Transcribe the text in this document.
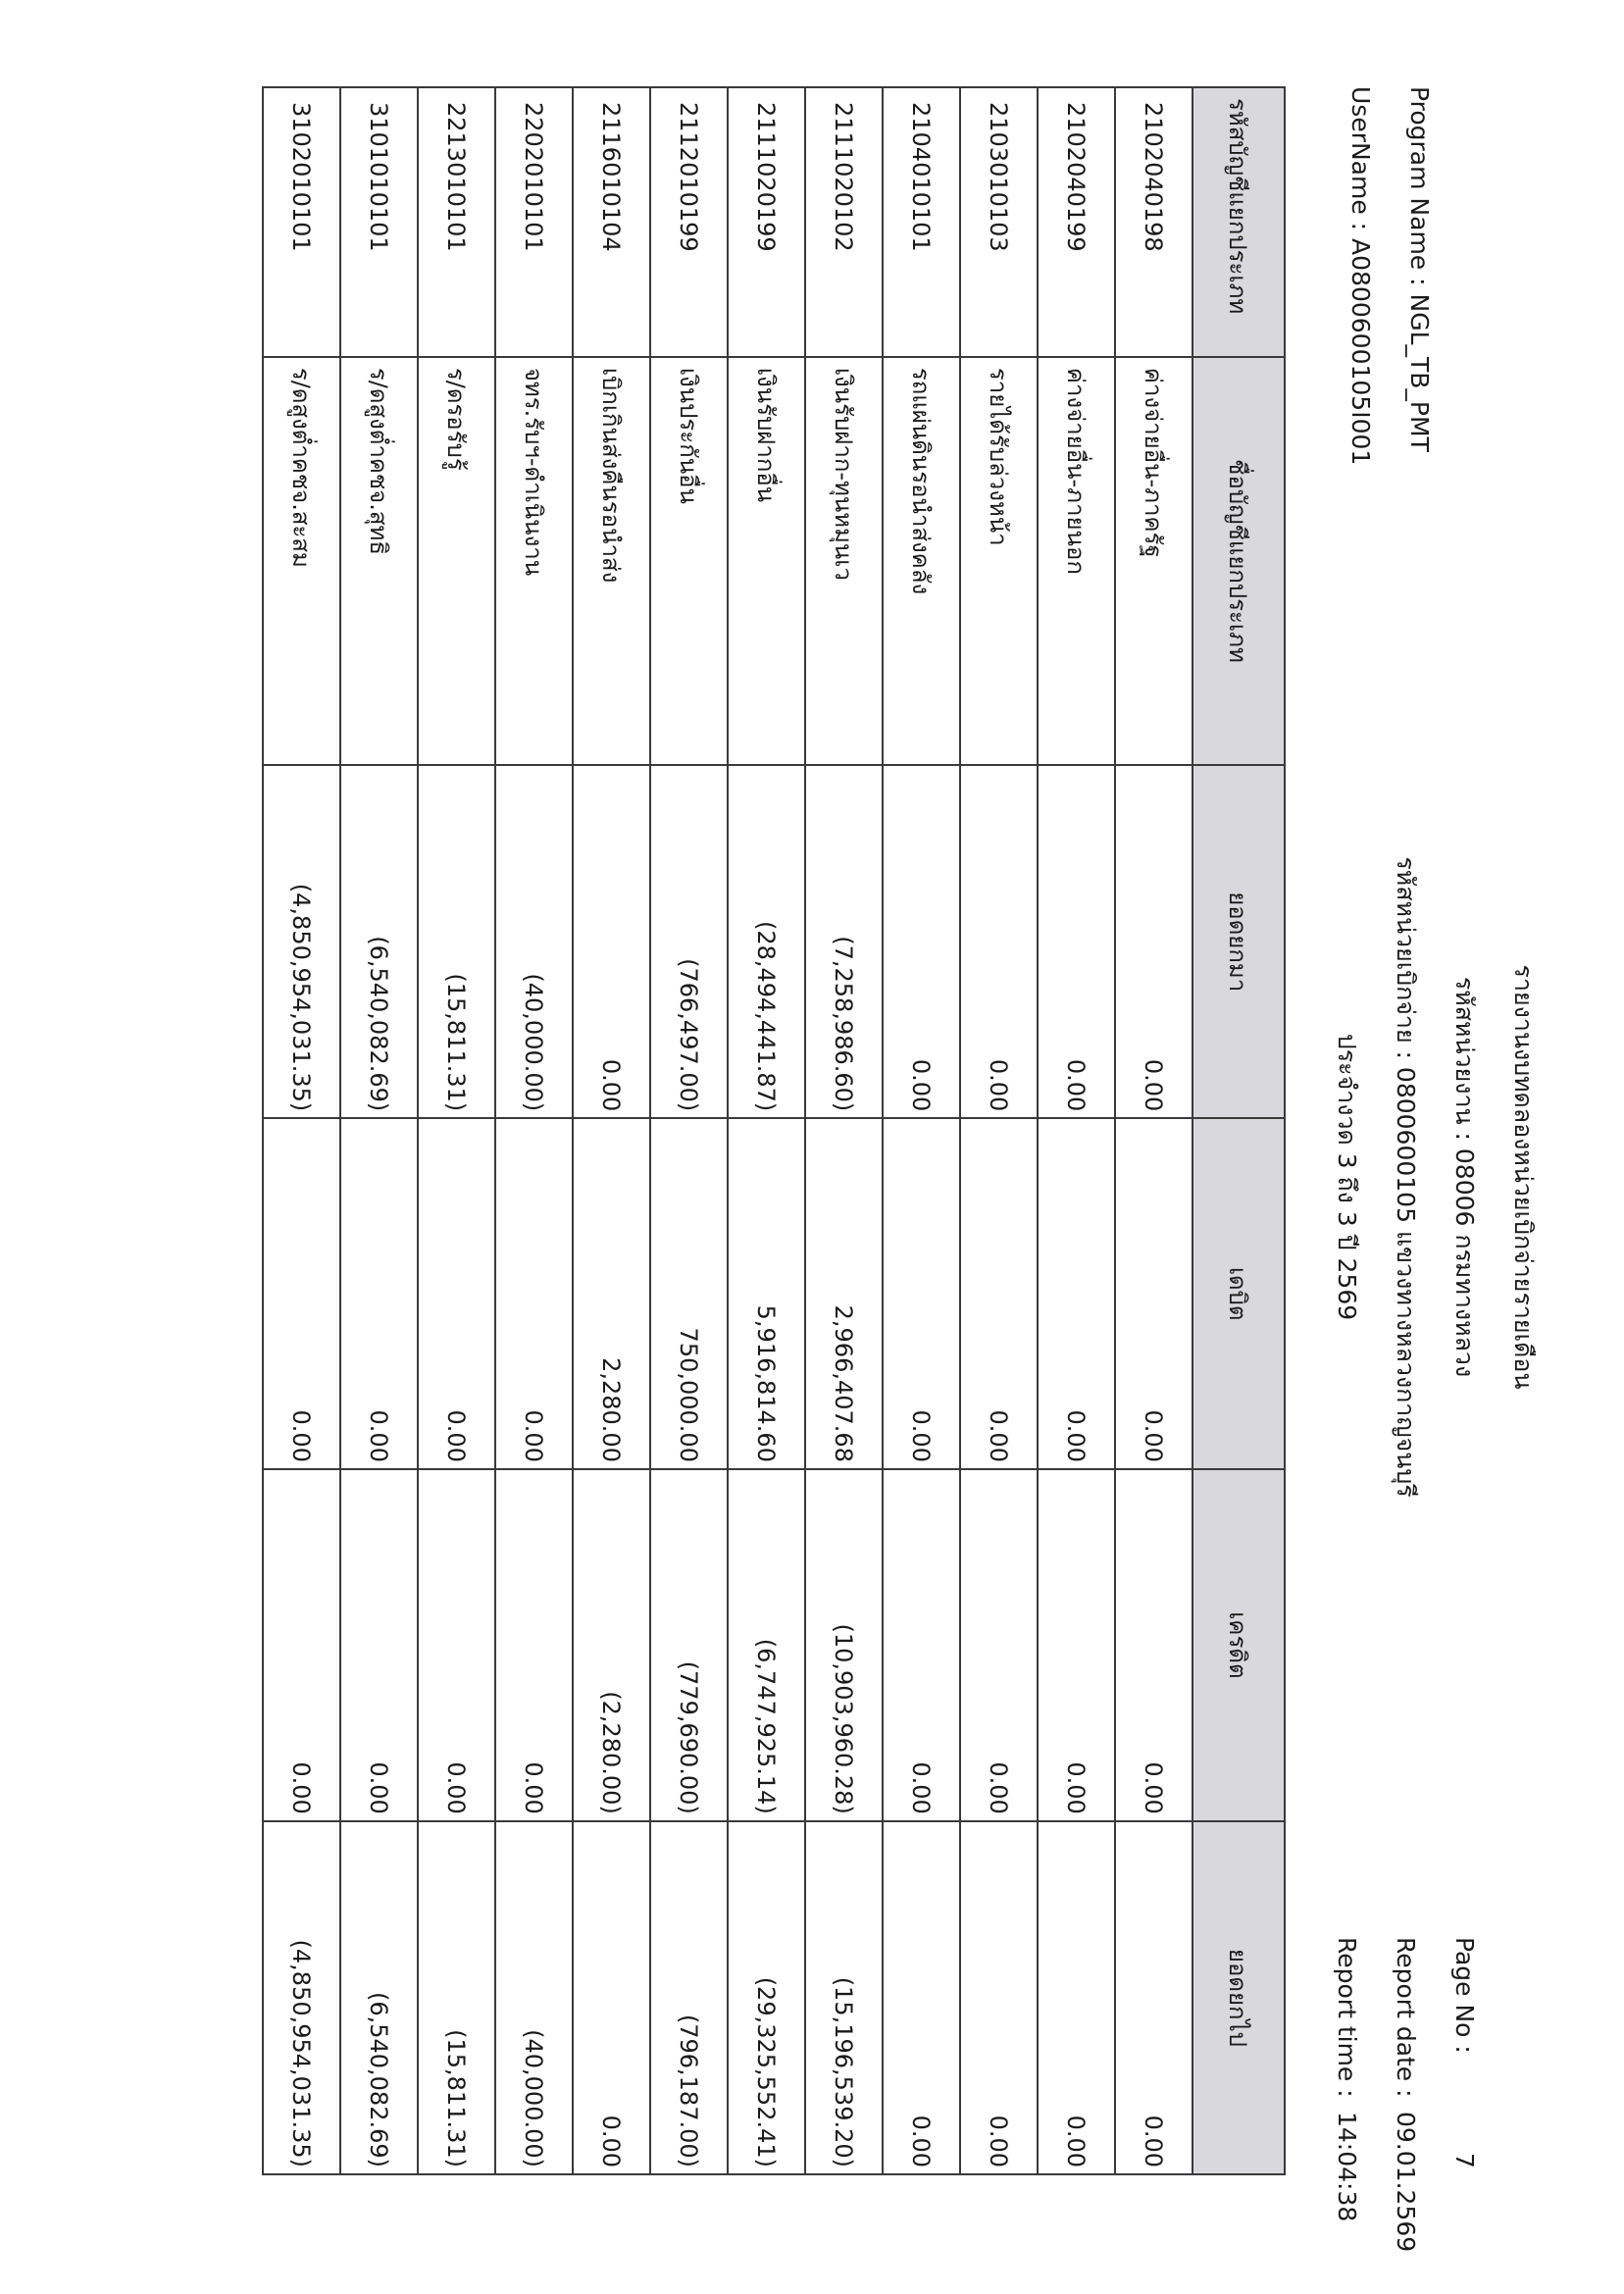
Program Name : NGL_TB_PMT
UserName : A0800600105I001
รายงานงบทดลองหน่วยเบิกจ่ายรายเดือน
รหัสหน่วยงาน : 08006 กรมทางหลวง
รหัสหน่วยเบิกจ่าย : 0800600105 แขวงทางหลวงกาญจนบุรี
ประจำงวด 3 ถึง 3 ปี 2569
Page No :7
Report date :09.01.2569
Report time :14:04:38
รหัสบัญชีแยกประเภท	ชื่อบัญชีแยกประเภท	ยอดยกมา	เดบิต	เครดิต	ยอดยกไป
2102040198	ค่างจ่ายอื่น-ภาครัฐ	0.00	0.00	0.00	0.00
2102040199	ค่างจ่ายอื่น-ภายนอก	0.00	0.00	0.00	0.00
2103010103	รายได้รับล่วงหน้า	0.00	0.00	0.00	0.00
2104010101	รถแผ่นดินรอนำส่งคลัง	0.00	0.00	0.00	0.00
2111020102	เงินรับฝาก-ทุนหมุนเว	(7,258,986.60)	2,966,407.68	(10,903,960.28)	(15,196,539.20)
2111020199	เงินรับฝากอื่น	(28,494,441.87)	5,916,814.60	(6,747,925.14)	(29,325,552.41)
2112010199	เงินประกันอื่น	(766,497.00)	750,000.00	(779,690.00)	(796,187.00)
2116010104	เบิกเกินส่งคืนรอนำส่ง	0.00	2,280.00	(2,280.00)	0.00
2202010101	จทร.รับฯ-ดำเนินงาน	(40,000.00)	0.00	0.00	(40,000.00)
2213010101	ร/ดรอรับรู้	(15,811.31)	0.00	0.00	(15,811.31)
3101010101	ร/ดสูงต่ำคชจ.สุทธิ	(6,540,082.69)	0.00	0.00	(6,540,082.69)
3102010101	ร/ดสูงต่ำคชจ.สะสม	(4,850,954,031.35)	0.00	0.00	(4,850,954,031.35)
